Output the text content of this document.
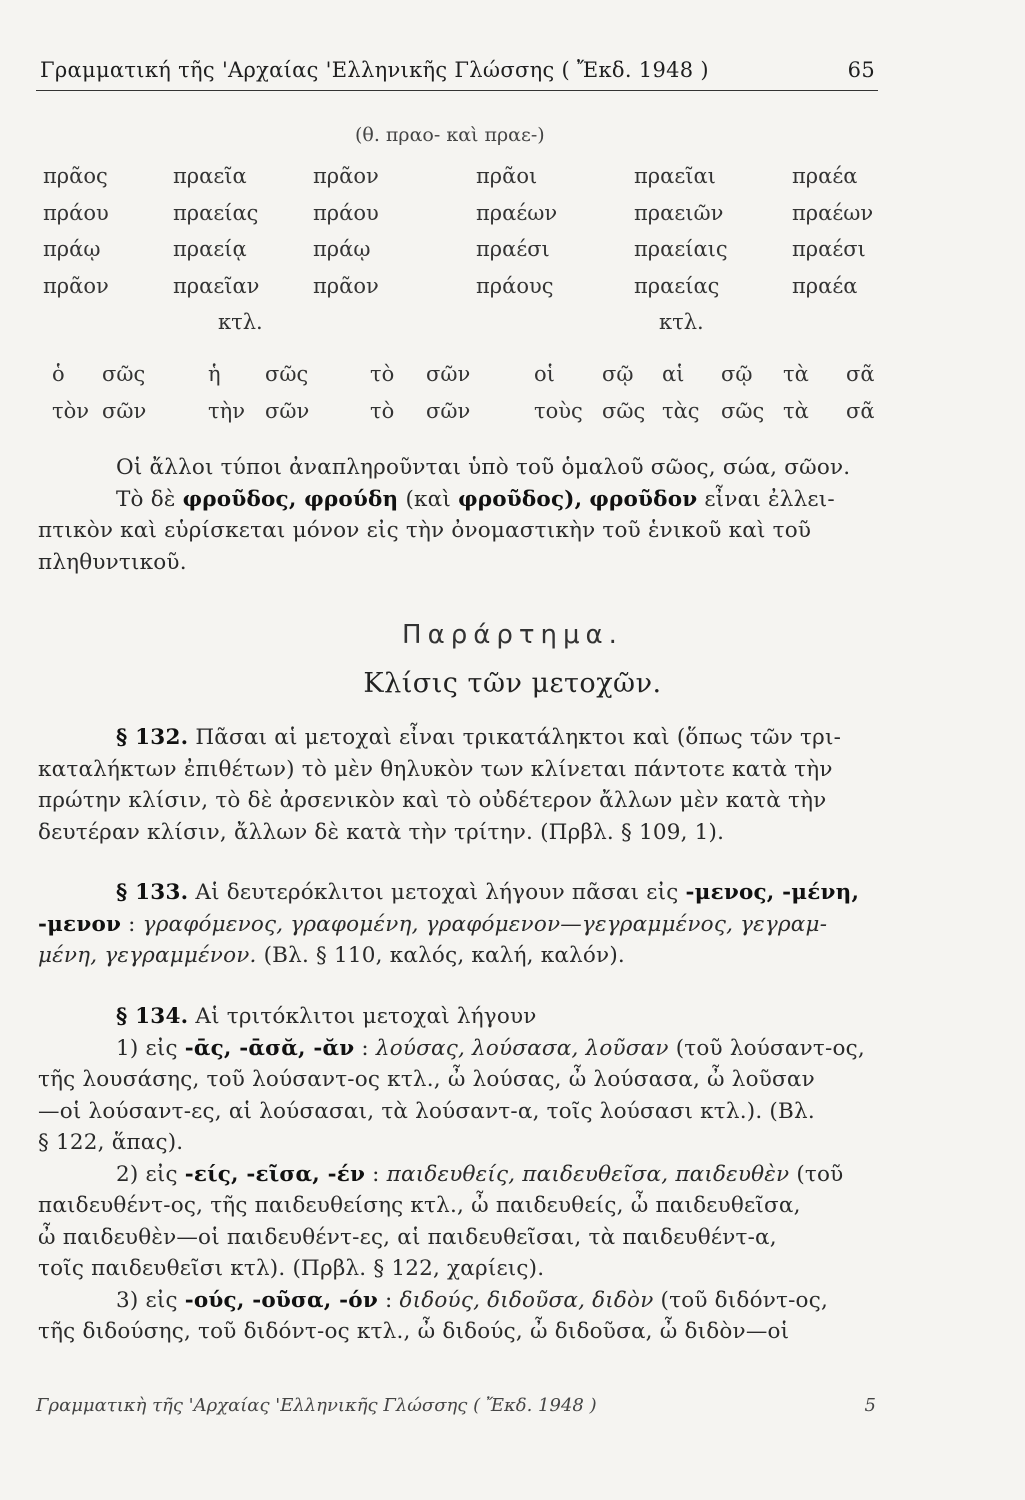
Γραμματική τῆς 'Αρχαίας 'Ελληνικῆς Γλώσσης ( Ἔκδ. 1948 )	65
(θ. πραο- καὶ πραε-)
πρᾶος	πραεῖα	πρᾶον	πρᾶοι	πραεῖαι	πραέα
πράου	πραείας	πράου	πραέων	πραειῶν	πραέων
πράῳ	πραείᾳ	πράῳ	πραέσι	πραείαις	πραέσι
πρᾶον	πραεῖαν	πρᾶον	πράους	πραείας	πραέα
	κτλ.			κτλ.	
ὁ	σῶς	ἡ	σῶς	τὸ	σῶν	οἱ	σῷ	αἱ	σῷ	τὰ	σᾶ
τὸν	σῶν	τὴν	σῶν	τὸ	σῶν	τοὺς	σῶς	τὰς	σῶς	τὰ	σᾶ
Οἱ ἄλλοι τύποι ἀναπληροῦνται ὑπὸ τοῦ ὁμαλοῦ σῶος, σώα, σῶον.
Τὸ δὲ φροῦδος, φρούδη (καὶ φροῦδος), φροῦδον εἶναι ἐλλει-
πτικὸν καὶ εὑρίσκεται μόνον εἰς τὴν ὀνομαστικὴν τοῦ ἑνικοῦ καὶ τοῦ
πληθυντικοῦ.
Παράρτημα.
Κλίσις τῶν μετοχῶν.
§ 132. Πᾶσαι αἱ μετοχαὶ εἶναι τρικατάληκτοι καὶ (ὅπως τῶν τρι-
καταλήκτων ἐπιθέτων) τὸ μὲν θηλυκὸν των κλίνεται πάντοτε κατὰ τὴν
πρώτην κλίσιν, τὸ δὲ ἀρσενικὸν καὶ τὸ οὐδέτερον ἄλλων μὲν κατὰ τὴν
δευτέραν κλίσιν, ἄλλων δὲ κατὰ τὴν τρίτην. (Πρβλ. § 109, 1).
§ 133. Αἱ δευτερόκλιτοι μετοχαὶ λήγουν πᾶσαι εἰς -μενος, -μένη,
-μενον : γραφόμενος, γραφομένη, γραφόμενον—γεγραμμένος, γεγραμ-
μένη, γεγραμμένον. (Βλ. § 110, καλός, καλή, καλόν).
§ 134. Αἱ τριτόκλιτοι μετοχαὶ λήγουν
1) εἰς -ᾱς, -ᾱσᾰ, -ᾰν : λούσας, λούσασα, λοῦσαν (τοῦ λούσαντ-ος,
τῆς λουσάσης, τοῦ λούσαντ-ος κτλ., ὦ λούσας, ὦ λούσασα, ὦ λοῦσαν
—οἱ λούσαντ-ες, αἱ λούσασαι, τὰ λούσαντ-α, τοῖς λούσασι κτλ.). (Βλ.
§ 122, ἅπας).
2) εἰς -είς, -εῖσα, -έν : παιδευθείς, παιδευθεῖσα, παιδευθὲν (τοῦ
παιδευθέντ-ος, τῆς παιδευθείσης κτλ., ὦ παιδευθείς, ὦ παιδευθεῖσα,
ὦ παιδευθὲν—οἱ παιδευθέντ-ες, αἱ παιδευθεῖσαι, τὰ παιδευθέντ-α,
τοῖς παιδευθεῖσι κτλ). (Πρβλ. § 122, χαρίεις).
3) εἰς -ούς, -οῦσα, -όν : διδούς, διδοῦσα, διδὸν (τοῦ διδόντ-ος,
τῆς διδούσης, τοῦ διδόντ-ος κτλ., ὦ διδούς, ὦ διδοῦσα, ὦ διδὸν—οἱ
Γραμματικὴ τῆς 'Αρχαίας 'Ελληνικῆς Γλώσσης ( Ἔκδ. 1948 )	5
